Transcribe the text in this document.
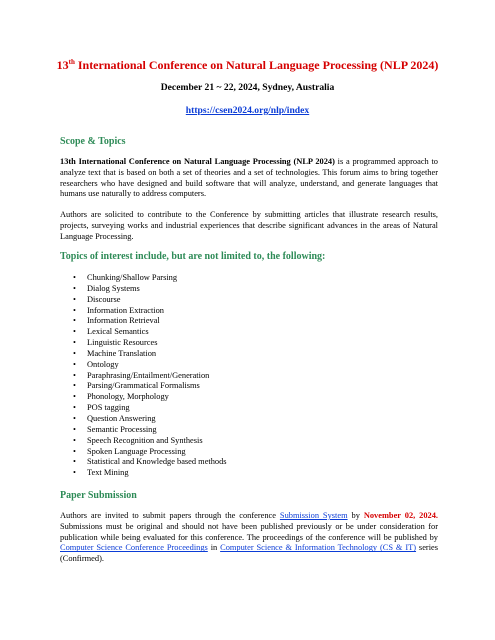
13th International Conference on Natural Language Processing (NLP 2024)
December 21 ~ 22, 2024, Sydney, Australia
https://csen2024.org/nlp/index
Scope & Topics
13th International Conference on Natural Language Processing (NLP 2024) is a programmed approach to analyze text that is based on both a set of theories and a set of technologies. This forum aims to bring together researchers who have designed and build software that will analyze, understand, and generate languages that humans use naturally to address computers.
Authors are solicited to contribute to the Conference by submitting articles that illustrate research results, projects, surveying works and industrial experiences that describe significant advances in the areas of Natural Language Processing.
Topics of interest include, but are not limited to, the following:
• Chunking/Shallow Parsing
• Dialog Systems
• Discourse
• Information Extraction
• Information Retrieval
• Lexical Semantics
• Linguistic Resources
• Machine Translation
• Ontology
• Paraphrasing/Entailment/Generation
• Parsing/Grammatical Formalisms
• Phonology, Morphology
• POS tagging
• Question Answering
• Semantic Processing
• Speech Recognition and Synthesis
• Spoken Language Processing
• Statistical and Knowledge based methods
• Text Mining
Paper Submission
Authors are invited to submit papers through the conference Submission System by November 02, 2024. Submissions must be original and should not have been published previously or be under consideration for publication while being evaluated for this conference. The proceedings of the conference will be published by Computer Science Conference Proceedings in Computer Science & Information Technology (CS & IT) series (Confirmed).
